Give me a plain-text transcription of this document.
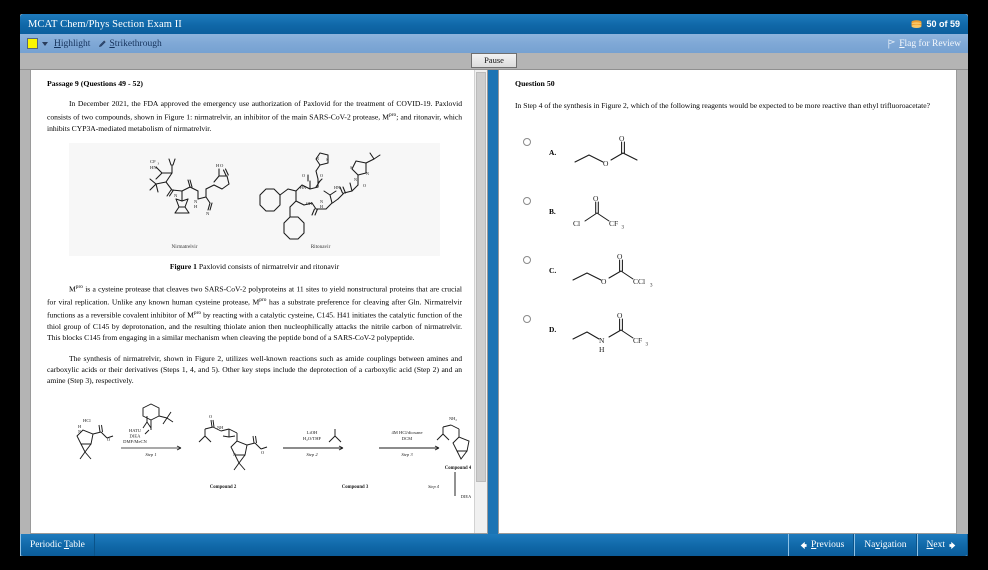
MCAT Chem/Phys Section Exam II	50 of 59
Highlight Strikethrough	Flag for Review
Pause
Passage 9 (Questions 49 - 52)

In December 2021, the FDA approved the emergency use authorization of Paxlovid for the treatment of COVID-19. Paxlovid consists of two compounds, shown in Figure 1: nirmatrelvir, an inhibitor of the main SARS-CoV-2 protease, $M^{pro}$; and ritonavir, which inhibits CYP3A-mediated metabolism of nirmatrelvir.

CF 3
HN
N
N
H
N
H O
Nirmatrelvir
N S
O
HN
O
OH N
H
HN
N
O
S
N
Ritonavir
Figure 1 Paxlovid consists of nirmatrelvir and ritonavir

$M^{pro}$ is a cysteine protease that cleaves two SARS-CoV-2 polyproteins at 11 sites to yield nonstructural proteins that are crucial for viral replication. Unlike any known human cysteine protease, $M^{pro}$ has a substrate preference for cleaving after Gln. Nirmatrelvir functions as a reversible covalent inhibitor of $M^{pro}$ by reacting with a catalytic cysteine, C145. H41 initiates the catalytic function of the thiol group of C145 by deprotonation, and the resulting thiolate anion then nucleophilically attacks the nitrile carbon of nirmatrelvir. This blocks C145 from engaging in a similar mechanism when cleaving the peptide bond of a SARS-CoV-2 polypeptide.

The synthesis of nirmatrelvir, shown in Figure 2, utilizes well-known reactions such as amide couplings between amines and carboxylic acids or their derivatives (Steps 1, 4, and 5). Other key steps include the deprotection of a carboxylic acid (Step 2) and an amine (Step 3), respectively.

HATU
DIEA
DMF/MeCN
Step 1
HCl
N
H
O
Compound 2
NH
O
N	O
LiOH
H₂O/THF
Step 2
Compound 3
4M HCl/dioxane
DCM
Step 3
NH₂
Compound 4
Step 4
DIEA
Question 50

In Step 4 of the synthesis in Figure 2, which of the following reagents would be expected to be more reactive than ethyl trifluoroacetate?

A.
O
O
B.
Cl
O
CF 3
C.
O
O
CCl 3
D.
N
H
O
CF 3
Periodic Table	Previous Navigation Next
